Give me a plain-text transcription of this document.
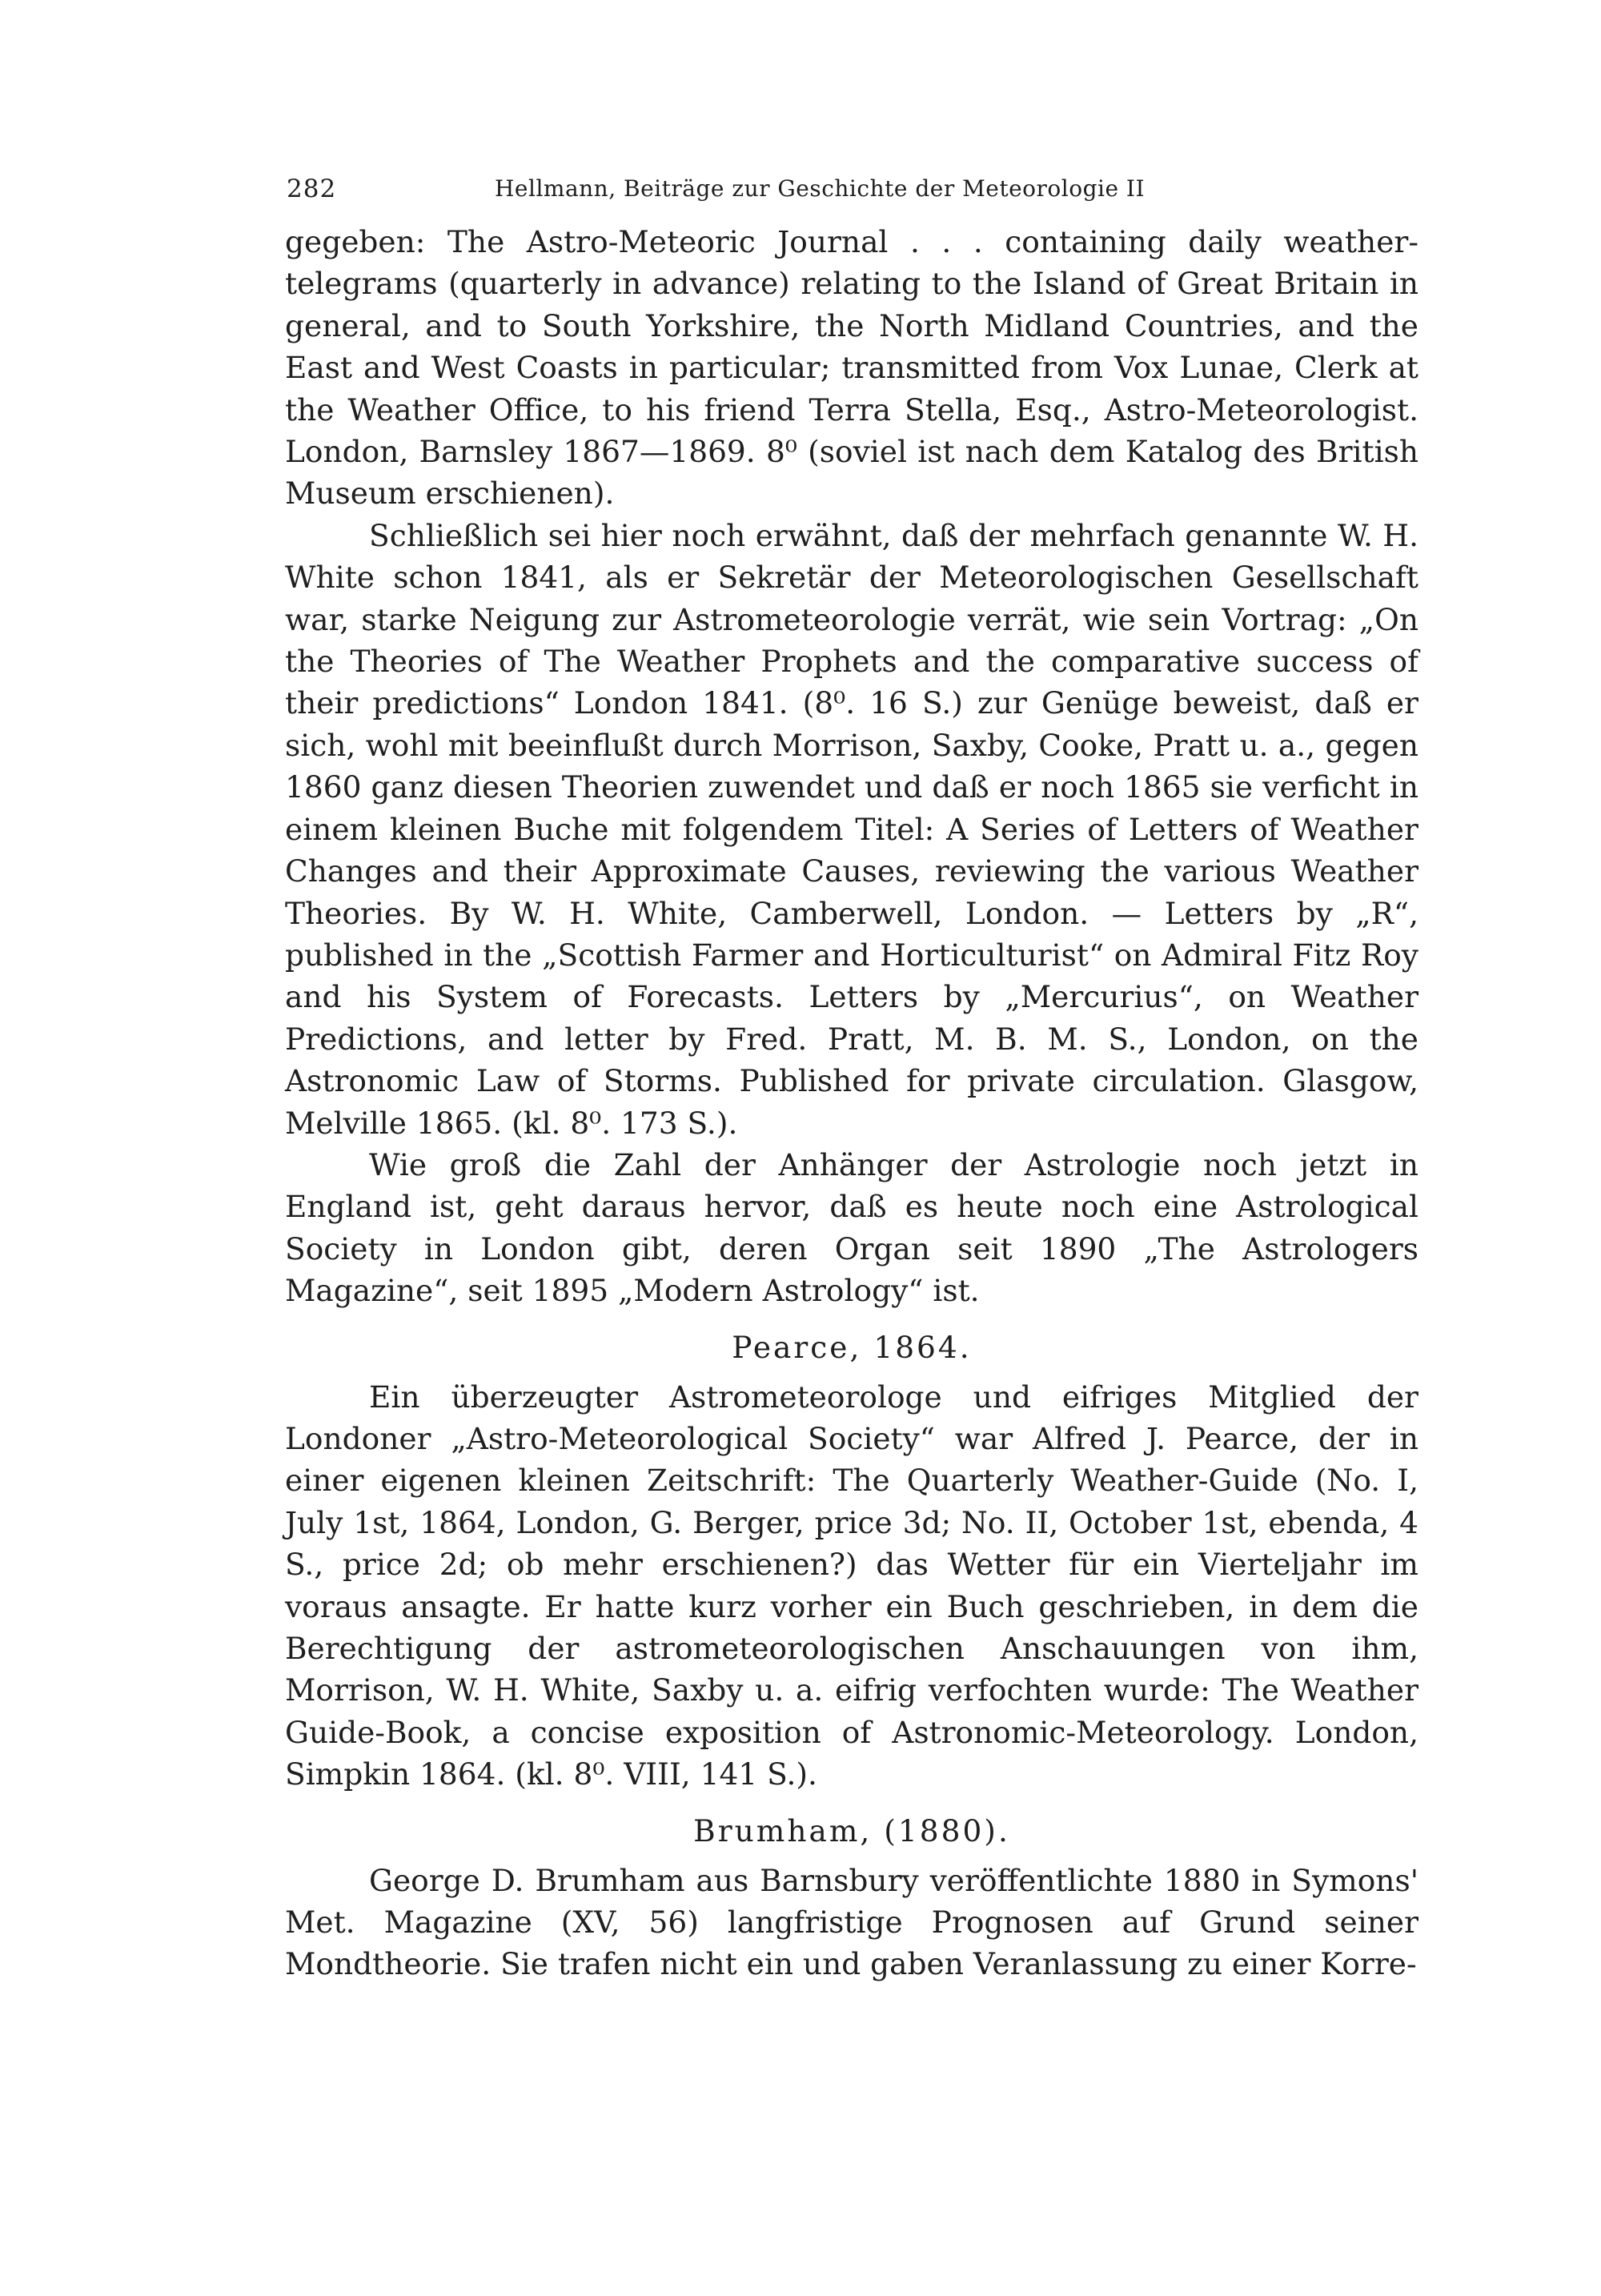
282	Hellmann, Beiträge zur Geschichte der Meteorologie II

gegeben: The Astro-Meteoric Journal . . . containing daily weather-telegrams (quarterly in advance) relating to the Island of Great Britain in general, and to South Yorkshire, the North Midland Countries, and the East and West Coasts in particular; transmitted from Vox Lunae, Clerk at the Weather Office, to his friend Terra Stella, Esq., Astro-Meteorologist. London, Barnsley 1867—1869. 8⁰ (soviel ist nach dem Katalog des British Museum erschienen).

Schließlich sei hier noch erwähnt, daß der mehrfach genannte W. H. White schon 1841, als er Sekretär der Meteorologischen Gesellschaft war, starke Neigung zur Astrometeorologie verrät, wie sein Vortrag: „On the Theories of The Weather Prophets and the comparative success of their predictions“ London 1841. (8⁰. 16 S.) zur Genüge beweist, daß er sich, wohl mit beeinflußt durch Morrison, Saxby, Cooke, Pratt u. a., gegen 1860 ganz diesen Theorien zuwendet und daß er noch 1865 sie verficht in einem kleinen Buche mit folgendem Titel: A Series of Letters of Weather Changes and their Approximate Causes, reviewing the various Weather Theories. By W. H. White, Camberwell, London. — Letters by „R“, published in the „Scottish Farmer and Horticulturist“ on Admiral Fitz Roy and his System of Forecasts. Letters by „Mercurius“, on Weather Predictions, and letter by Fred. Pratt, M. B. M. S., London, on the Astronomic Law of Storms. Published for private circulation. Glasgow, Melville 1865. (kl. 8⁰. 173 S.).

Wie groß die Zahl der Anhänger der Astrologie noch jetzt in England ist, geht daraus hervor, daß es heute noch eine Astrological Society in London gibt, deren Organ seit 1890 „The Astrologers Magazine“, seit 1895 „Modern Astrology“ ist.

Pearce, 1864.

Ein überzeugter Astrometeorologe und eifriges Mitglied der Londoner „Astro-Meteorological Society“ war Alfred J. Pearce, der in einer eigenen kleinen Zeitschrift: The Quarterly Weather-Guide (No. I, July 1st, 1864, London, G. Berger, price 3d; No. II, October 1st, ebenda, 4 S., price 2d; ob mehr erschienen?) das Wetter für ein Vierteljahr im voraus ansagte. Er hatte kurz vorher ein Buch geschrieben, in dem die Berechtigung der astrometeorologischen Anschauungen von ihm, Morrison, W. H. White, Saxby u. a. eifrig verfochten wurde: The Weather Guide-Book, a concise exposition of Astronomic-Meteorology. London, Simpkin 1864. (kl. 8⁰. VIII, 141 S.).

Brumham, (1880).

George D. Brumham aus Barnsbury veröffentlichte 1880 in Symons' Met. Magazine (XV, 56) langfristige Prognosen auf Grund seiner Mondtheorie. Sie trafen nicht ein und gaben Veranlassung zu einer Korre-
